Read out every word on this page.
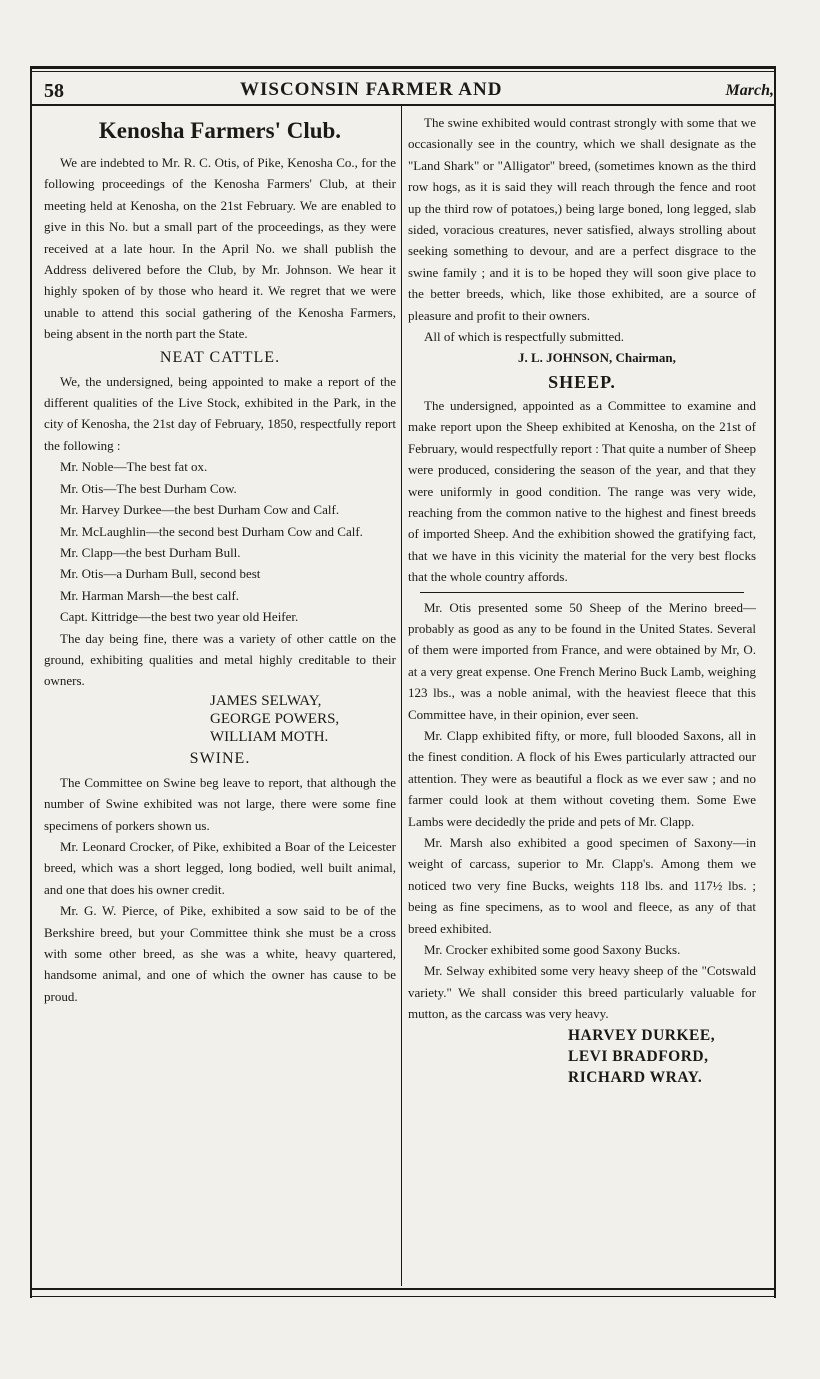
58	WISCONSIN FARMER AND	March,
Kenosha Farmers' Club.

We are indebted to Mr. R. C. Otis, of Pike, Kenosha Co., for the following proceedings of the Kenosha Farmers' Club, at their meeting held at Kenosha, on the 21st February. We are enabled to give in this No. but a small part of the proceedings, as they were received at a late hour. In the April No. we shall publish the Address delivered before the Club, by Mr. Johnson. We hear it highly spoken of by those who heard it. We regret that we were unable to attend this social gathering of the Kenosha Farmers, being absent in the north part the State.

NEAT CATTLE.

We, the undersigned, being appointed to make a report of the different qualities of the Live Stock, exhibited in the Park, in the city of Kenosha, the 21st day of February, 1850, respectfully report the following :

Mr. Noble—The best fat ox.

Mr. Otis—The best Durham Cow.

Mr. Harvey Durkee—the best Durham Cow and Calf.

Mr. McLaughlin—the second best Durham Cow and Calf.

Mr. Clapp—the best Durham Bull.

Mr. Otis—a Durham Bull, second best

Mr. Harman Marsh—the best calf.

Capt. Kittridge—the best two year old Heifer.

The day being fine, there was a variety of other cattle on the ground, exhibiting qualities and metal highly creditable to their owners.

JAMES SELWAY,
GEORGE POWERS,
WILLIAM MOTH.
SWINE.

The Committee on Swine beg leave to report, that although the number of Swine exhibited was not large, there were some fine specimens of porkers shown us.

Mr. Leonard Crocker, of Pike, exhibited a Boar of the Leicester breed, which was a short legged, long bodied, well built animal, and one that does his owner credit.

Mr. G. W. Pierce, of Pike, exhibited a sow said to be of the Berkshire breed, but your Committee think she must be a cross with some other breed, as she was a white, heavy quartered, handsome animal, and one of which the owner has cause to be proud.

The swine exhibited would contrast strongly with some that we occasionally see in the country, which we shall designate as the "Land Shark" or "Alligator" breed, (sometimes known as the third row hogs, as it is said they will reach through the fence and root up the third row of potatoes,) being large boned, long legged, slab sided, voracious creatures, never satisfied, always strolling about seeking something to devour, and are a perfect disgrace to the swine family ; and it is to be hoped they will soon give place to the better breeds, which, like those exhibited, are a source of pleasure and profit to their owners.

All of which is respectfully submitted.

J. L. JOHNSON, Chairman,

SHEEP.

The undersigned, appointed as a Committee to examine and make report upon the Sheep exhibited at Kenosha, on the 21st of February, would respectfully report : That quite a number of Sheep were produced, considering the season of the year, and that they were uniformly in good condition. The range was very wide, reaching from the common native to the highest and finest breeds of imported Sheep. And the exhibition showed the gratifying fact, that we have in this vicinity the material for the very best flocks that the whole country affords.

Mr. Otis presented some 50 Sheep of the Merino breed—probably as good as any to be found in the United States. Several of them were imported from France, and were obtained by Mr, O. at a very great expense. One French Merino Buck Lamb, weighing 123 lbs., was a noble animal, with the heaviest fleece that this Committee have, in their opinion, ever seen.

Mr. Clapp exhibited fifty, or more, full blooded Saxons, all in the finest condition. A flock of his Ewes particularly attracted our attention. They were as beautiful a flock as we ever saw ; and no farmer could look at them without coveting them. Some Ewe Lambs were decidedly the pride and pets of Mr. Clapp.

Mr. Marsh also exhibited a good specimen of Saxony—in weight of carcass, superior to Mr. Clapp's. Among them we noticed two very fine Bucks, weights 118 lbs. and 117½ lbs. ; being as fine specimens, as to wool and fleece, as any of that breed exhibited.

Mr. Crocker exhibited some good Saxony Bucks.

Mr. Selway exhibited some very heavy sheep of the "Cotswald variety." We shall consider this breed particularly valuable for mutton, as the carcass was very heavy.

HARVEY DURKEE,
LEVI BRADFORD,
RICHARD WRAY.
